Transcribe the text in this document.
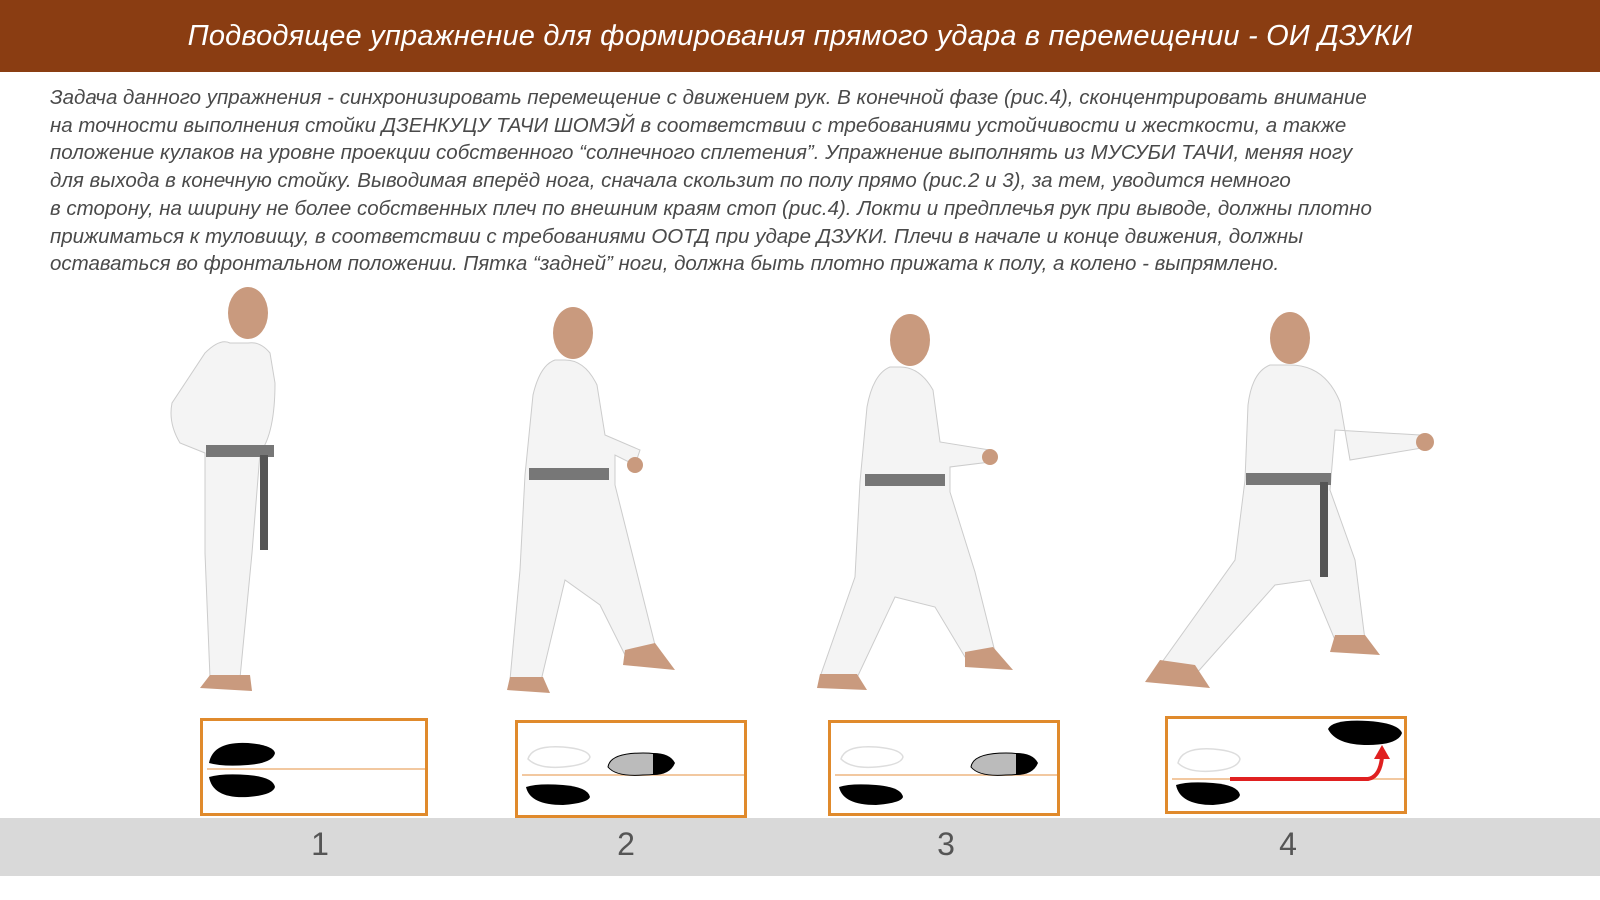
Подводящее упражнение для формирования прямого удара в перемещении - ОИ ДЗУКИ
Задача данного упражнения - синхронизировать перемещение с движением рук. В конечной фазе (рис.4), сконцентрировать внимание
на точности выполнения стойки ДЗЕНКУЦУ ТАЧИ ШОМЭЙ в соответствии с требованиями устойчивости и жесткости, а также
положение кулаков на уровне проекции собственного “солнечного сплетения”. Упражнение выполнять из МУСУБИ ТАЧИ, меняя ногу
для выхода в конечную стойку. Выводимая вперёд нога, сначала скользит по полу прямо (рис.2 и 3), за тем, уводится немного
в сторону, на ширину не более собственных плеч по внешним краям стоп (рис.4). Локти и предплечья рук при выводе, должны плотно
прижиматься к туловищу, в соответствии с требованиями ООТД при ударе ДЗУКИ. Плечи в начале и конце движения, должны
оставаться во фронтальном положении. Пятка “задней” ноги, должна быть плотно прижата к полу, а колено - выпрямлено.
1	2	3	4
